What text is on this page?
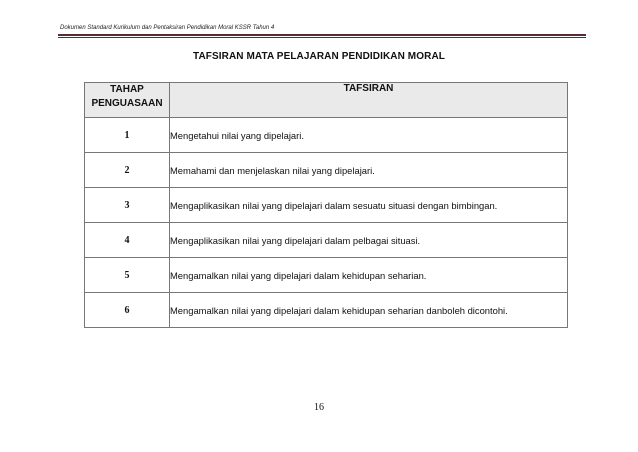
Dokumen Standard Kurikulum dan Pentaksiran Pendidikan Moral KSSR Tahun 4
TAFSIRAN MATA PELAJARAN PENDIDIKAN MORAL
TAHAP
PENGUASAAN	TAFSIRAN
1	Mengetahui nilai yang dipelajari.
2	Memahami dan menjelaskan nilai yang dipelajari.
3	Mengaplikasikan nilai yang dipelajari dalam sesuatu situasi dengan bimbingan.
4	Mengaplikasikan nilai yang dipelajari dalam pelbagai situasi.
5	Mengamalkan nilai yang dipelajari dalam kehidupan seharian.
6	Mengamalkan nilai yang dipelajari dalam kehidupan seharian danboleh dicontohi.
16
